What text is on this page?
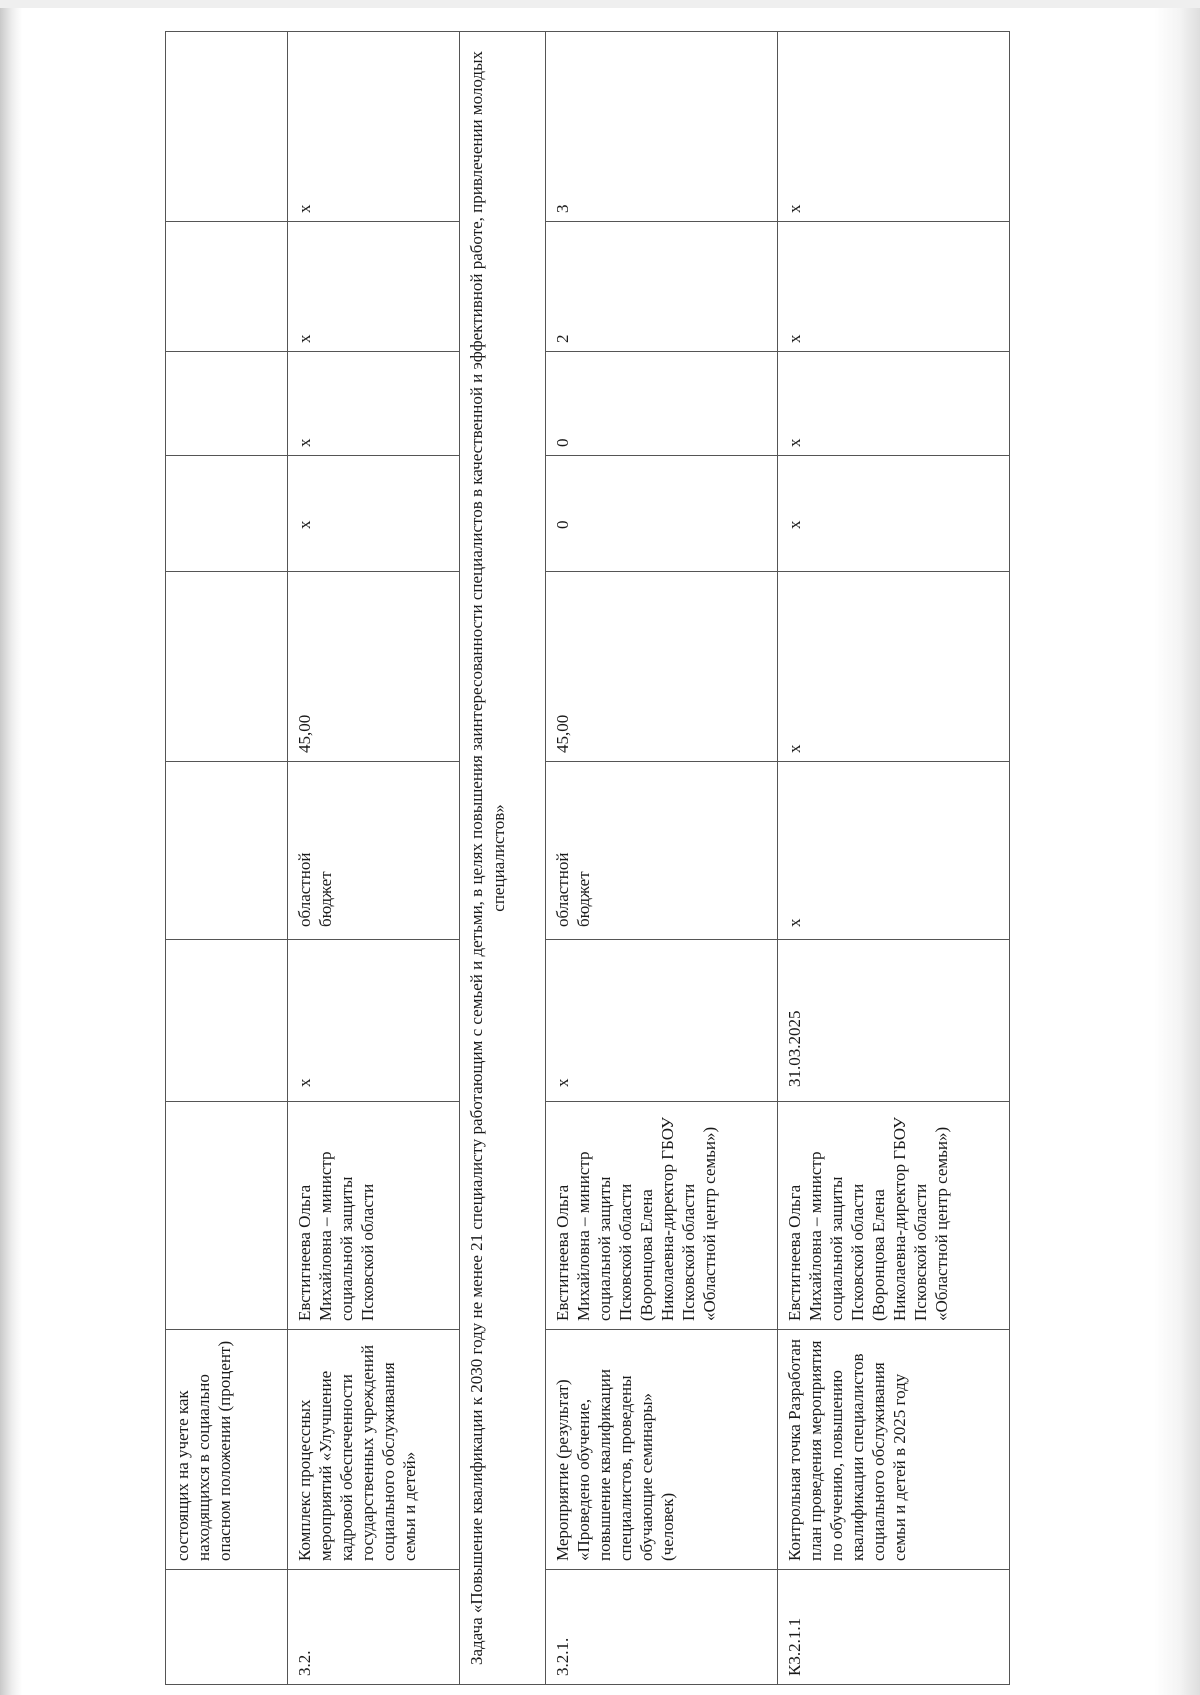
	состоящих на учете как находящихся в социально опасном положении (процент)								
3.2.	Комплекс процессных мероприятий «Улучшение кадровой обеспеченности государственных учреждений социального обслуживания семьи и детей»	Евстигнеева Ольга Михайловна – министр социальной защиты Псковской области	х	областной бюджет	45,00	х	х	х	х
Задача «Повышение квалификации к 2030 году не менее 21 специалисту работающим с семьей и детьми, в целях повышения заинтересованности специалистов в качественной и эффективной работе, привлечении молодых специалистов»									
3.2.1.	Мероприятие (результат) «Проведено обучение, повышение квалификации специалистов, проведены обучающие семинары» (человек)	Евстигнеева Ольга Михайловна – министр социальной защиты Псковской области (Воронцова Елена Николаевна-директор ГБОУ Псковской области «Областной центр семьи»)	х	областной бюджет	45,00	0	0	2	3
К3.2.1.1	Контрольная точка Разработан план проведения мероприятия по обучению, повышению квалификации специалистов социального обслуживания семьи и детей в 2025 году	Евстигнеева Ольга Михайловна – министр социальной защиты Псковской области (Воронцова Елена Николаевна-директор ГБОУ Псковской области «Областной центр семьи»)	31.03.2025	х	х	х	х	х	х
